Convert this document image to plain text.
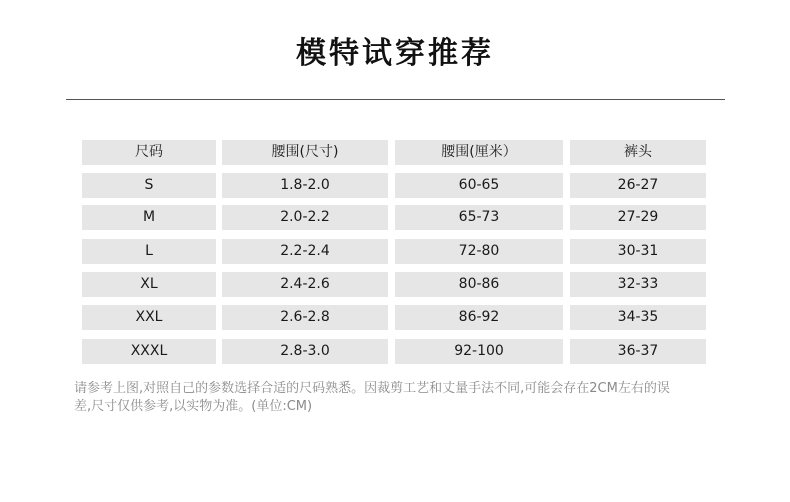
模特试穿推荐
尺码	腰围(尺寸)	腰围(厘米）	裤头
S	1.8-2.0	60-65	26-27
M	2.0-2.2	65-73	27-29
L	2.2-2.4	72-80	30-31
XL	2.4-2.6	80-86	32-33
XXL	2.6-2.8	86-92	34-35
XXXL	2.8-3.0	92-100	36-37
请参考上图,对照自己的参数选择合适的尺码熟悉。因裁剪工艺和丈量手法不同,可能会存在2CM左右的误
差,尺寸仅供参考,以实物为准。(单位:CM)
